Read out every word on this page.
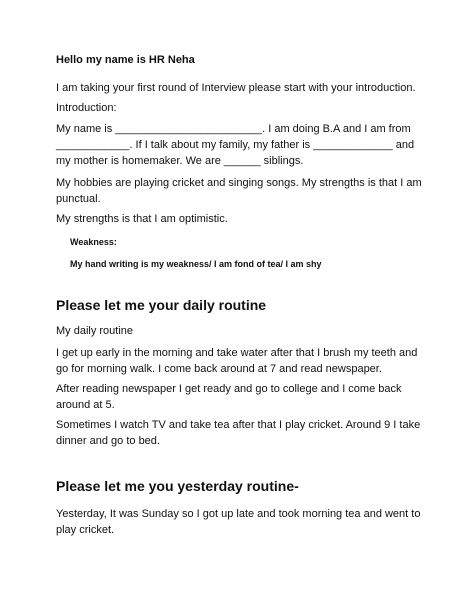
Hello my name is HR Neha

I am taking your first round of Interview please start with your introduction.

Introduction:

My name is ________________________. I am doing B.A and I am from
____________. If I talk about my family, my father is _____________ and
my mother is homemaker. We are ______ siblings.
My hobbies are playing cricket and singing songs. My strengths is that I am
punctual.

My strengths is that I am optimistic.

Weakness:

My hand writing is my weakness/ I am fond of tea/ I am shy

Please let me your daily routine

My daily routine

I get up early in the morning and take water after that I brush my teeth and
go for morning walk. I come back around at 7 and read newspaper.
After reading newspaper I get ready and go to college and I come back
around at 5.
Sometimes I watch TV and take tea after that I play cricket. Around 9 I take
dinner and go to bed.

Please let me you yesterday routine-

Yesterday, It was Sunday so I got up late and took morning tea and went to
play cricket.
